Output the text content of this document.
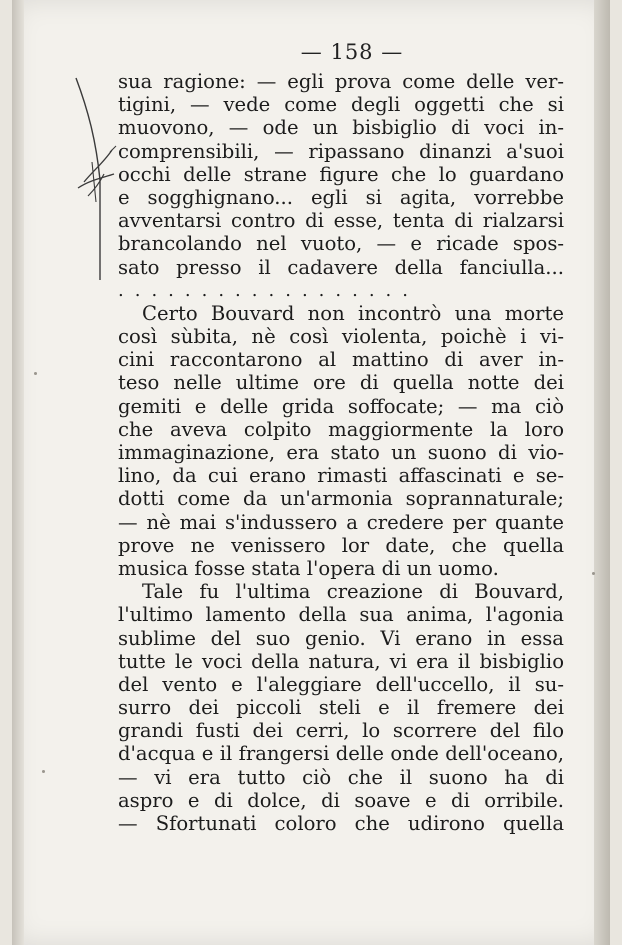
— 158 —
sua ragione: — egli prova come delle ver-
tigini, — vede come degli oggetti che si
muovono, — ode un bisbiglio di voci in-
comprensibili, — ripassano dinanzi a'suoi
occhi delle strane figure che lo guardano
e sogghignano... egli si agita, vorrebbe
avventarsi contro di esse, tenta di rialzarsi
brancolando nel vuoto, — e ricade spos-
sato presso il cadavere della fanciulla...
..................
Certo Bouvard non incontrò una morte
così sùbita, nè così violenta, poichè i vi-
cini raccontarono al mattino di aver in-
teso nelle ultime ore di quella notte dei
gemiti e delle grida soffocate; — ma ciò
che aveva colpito maggiormente la loro
immaginazione, era stato un suono di vio-
lino, da cui erano rimasti affascinati e se-
dotti come da un'armonia soprannaturale;
— nè mai s'indussero a credere per quante
prove ne venissero lor date, che quella
musica fosse stata l'opera di un uomo.
Tale fu l'ultima creazione di Bouvard,
l'ultimo lamento della sua anima, l'agonia
sublime del suo genio. Vi erano in essa
tutte le voci della natura, vi era il bisbiglio
del vento e l'aleggiare dell'uccello, il su-
surro dei piccoli steli e il fremere dei
grandi fusti dei cerri, lo scorrere del filo
d'acqua e il frangersi delle onde dell'oceano,
— vi era tutto ciò che il suono ha di
aspro e di dolce, di soave e di orribile.
— Sfortunati coloro che udirono quella
